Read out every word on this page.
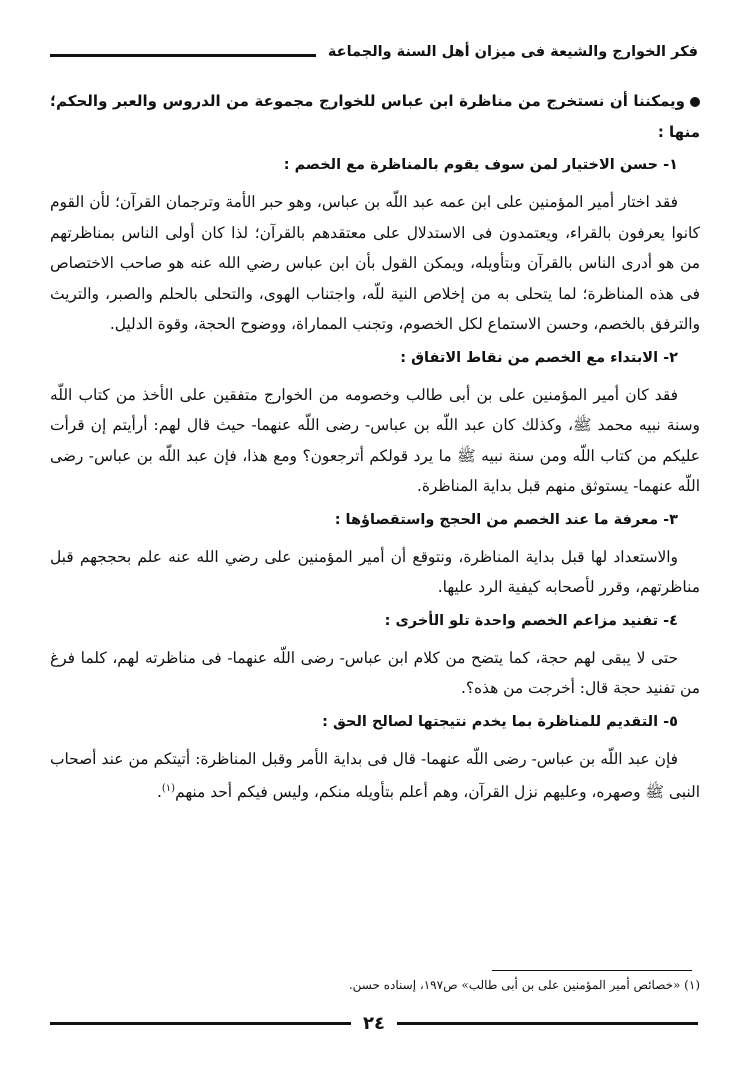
فكر الخوارج والشيعة فى ميزان أهل السنة والجماعة

ويمكننا أن نستخرج من مناظرة ابن عباس للخوارج مجموعة من الدروس والعبر والحكم؛ منها :

١- حسن الاختيار لمن سوف يقوم بالمناظرة مع الخصم :

فقد اختار أمير المؤمنين على ابن عمه عبد اللّه بن عباس، وهو حبر الأمة وترجمان القرآن؛ لأن القوم كانوا يعرفون بالقراء، ويعتمدون فى الاستدلال على معتقدهم بالقرآن؛ لذا كان أولى الناس بمناظرتهم من هو أدرى الناس بالقرآن وبتأويله، ويمكن القول بأن ابن عباس رضي الله عنه هو صاحب الاختصاص فى هذه المناظرة؛ لما يتحلى به من إخلاص النية للّه، واجتناب الهوى، والتحلى بالحلم والصبر، والتريث والترفق بالخصم، وحسن الاستماع لكل الخصوم، وتجنب المماراة، ووضوح الحجة، وقوة الدليل.

٢- الابتداء مع الخصم من نقاط الاتفاق :

فقد كان أمير المؤمنين على بن أبى طالب وخصومه من الخوارج متفقين على الأخذ من كتاب اللّه وسنة نبيه محمد ﷺ، وكذلك كان عبد اللّه بن عباس- رضى اللّه عنهما- حيث قال لهم: أرأيتم إن قرأت عليكم من كتاب اللّه ومن سنة نبيه ﷺ ما يرد قولكم أترجعون؟ ومع هذا، فإن عبد اللّه بن عباس- رضى اللّه عنهما- يستوثق منهم قبل بداية المناظرة.

٣- معرفة ما عند الخصم من الحجج واستقصاؤها :

والاستعداد لها قبل بداية المناظرة، ونتوقع أن أمير المؤمنين على رضي الله عنه علم بحججهم قبل مناظرتهم، وقرر لأصحابه كيفية الرد عليها.

٤- تفنيد مزاعم الخصم واحدة تلو الأخرى :

حتى لا يبقى لهم حجة، كما يتضح من كلام ابن عباس- رضى اللّه عنهما- فى مناظرته لهم، كلما فرغ من تفنيد حجة قال: أخرجت من هذه؟.

٥- التقديم للمناظرة بما يخدم نتيجتها لصالح الحق :

فإن عبد اللّه بن عباس- رضى اللّه عنهما- قال فى بداية الأمر وقبل المناظرة: أتيتكم من عند أصحاب النبى ﷺ وصهره، وعليهم نزل القرآن، وهم أعلم بتأويله منكم، وليس فيكم أحد منهم$^{(١)}$.

(١) «خصائص أمير المؤمنين على بن أبى طالب» ص١٩٧، إسناده حسن.
٢٤
